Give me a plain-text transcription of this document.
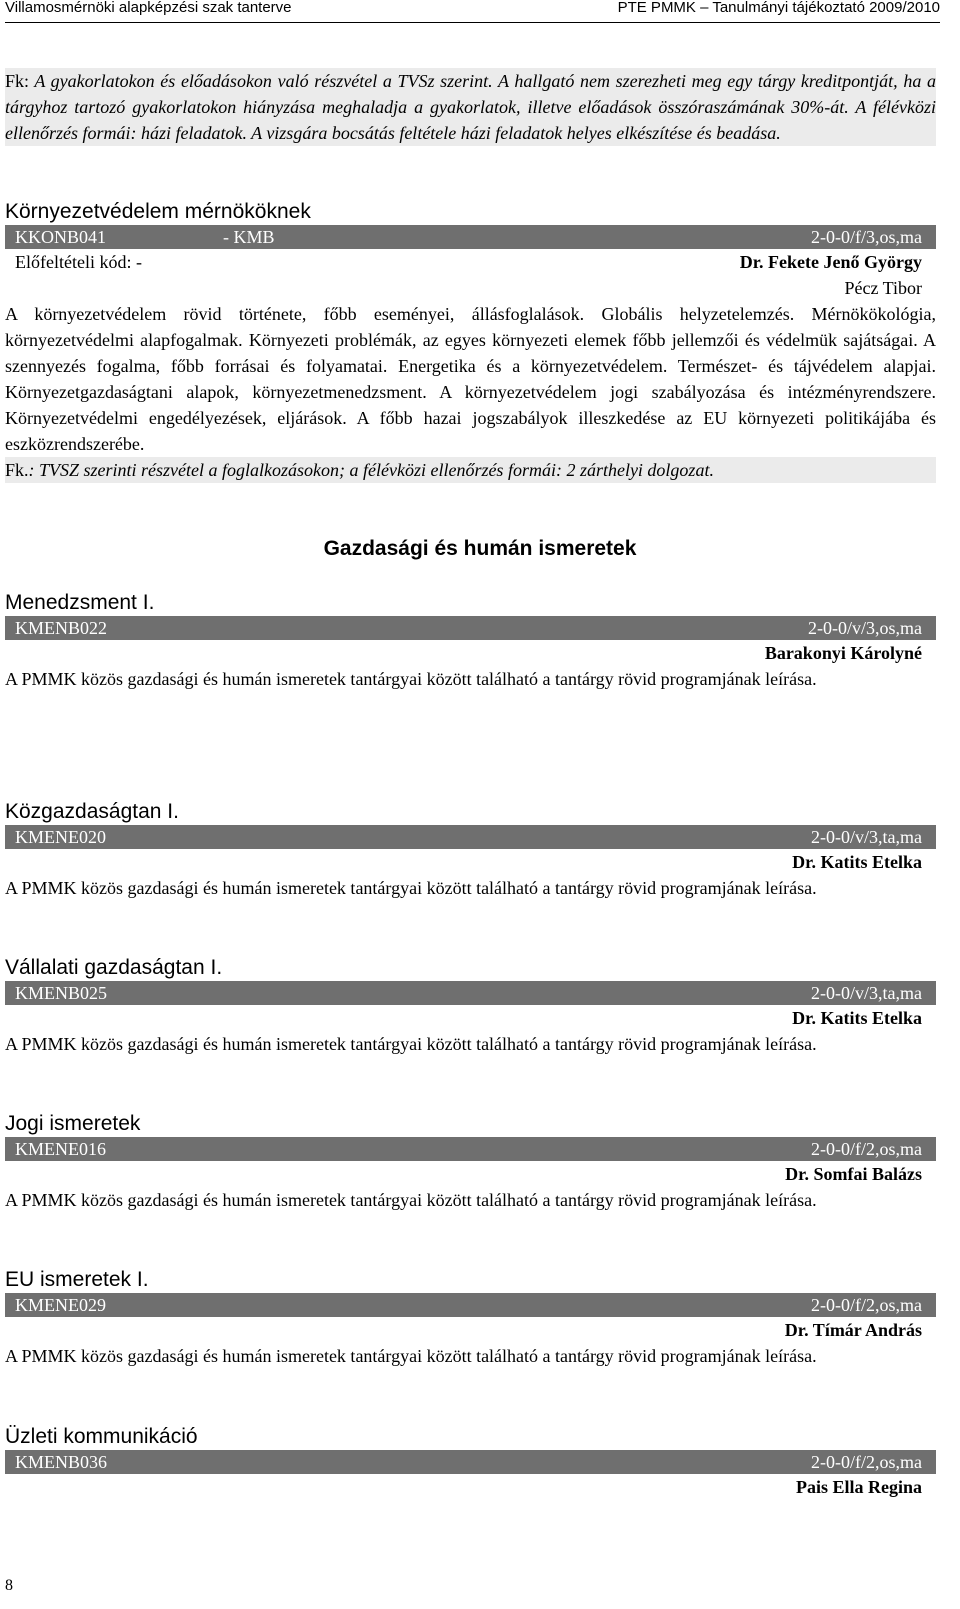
Villamosmérnöki alapképzési szak tanterve	PTE PMMK – Tanulmányi tájékoztató 2009/2010
Fk: A gyakorlatokon és előadásokon való részvétel a TVSz szerint. A hallgató nem szerezheti meg egy tárgy kreditpontját, ha a tárgyhoz tartozó gyakorlatokon hiányzása meghaladja a gyakorlatok, illetve előadások összóraszámának 30%-át. A félévközi ellenőrzés formái: házi feladatok. A vizsgára bocsátás feltétele házi feladatok helyes elkészítése és beadása.
Környezetvédelem mérnököknek
KKONB041	- KMB	2-0-0/f/3,os,ma
Előfeltételi kód: -	Dr. Fekete Jenő György
Pécz Tibor
A környezetvédelem rövid története, főbb eseményei, állásfoglalások. Globális helyzetelemzés. Mérnökökológia, környezetvédelmi alapfogalmak. Környezeti problémák, az egyes környezeti elemek főbb jellemzői és védelmük sajátságai. A szennyezés fogalma, főbb forrásai és folyamatai. Energetika és a környezetvédelem. Természet- és tájvédelem alapjai. Környezetgazdaságtani alapok, környezetmenedzsment. A környezetvédelem jogi szabályozása és intézményrendszere. Környezetvédelmi engedélyezések, eljárások. A főbb hazai jogszabályok illeszkedése az EU környezeti politikájába és eszközrendszerébe.
Fk.: TVSZ szerinti részvétel a foglalkozásokon; a félévközi ellenőrzés formái: 2 zárthelyi dolgozat.
Gazdasági és humán ismeretek
Menedzsment I.
KMENB022	2-0-0/v/3,os,ma
Barakonyi Károlyné
A PMMK közös gazdasági és humán ismeretek tantárgyai között található a tantárgy rövid programjának leírása.
Közgazdaságtan I.
KMENE020	2-0-0/v/3,ta,ma
Dr. Katits Etelka
A PMMK közös gazdasági és humán ismeretek tantárgyai között található a tantárgy rövid programjának leírása.
Vállalati gazdaságtan I.
KMENB025	2-0-0/v/3,ta,ma
Dr. Katits Etelka
A PMMK közös gazdasági és humán ismeretek tantárgyai között található a tantárgy rövid programjának leírása.
Jogi ismeretek
KMENE016	2-0-0/f/2,os,ma
Dr. Somfai Balázs
A PMMK közös gazdasági és humán ismeretek tantárgyai között található a tantárgy rövid programjának leírása.
EU ismeretek I.
KMENE029	2-0-0/f/2,os,ma
Dr. Tímár András
A PMMK közös gazdasági és humán ismeretek tantárgyai között található a tantárgy rövid programjának leírása.
Üzleti kommunikáció
KMENB036	2-0-0/f/2,os,ma
Pais Ella Regina
8
